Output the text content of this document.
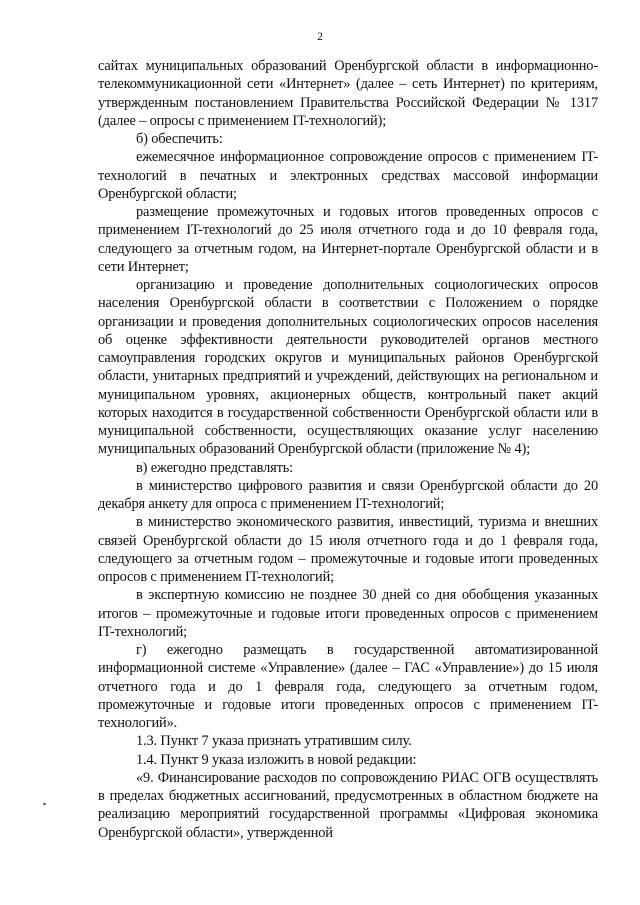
2

сайтах муниципальных образований Оренбургской области в информационно-телекоммуникационной сети «Интернет» (далее – сеть Интернет) по критериям, утвержденным постановлением Правительства Российской Федерации № 1317 (далее – опросы с применением IT-технологий);

б) обеспечить:

ежемесячное информационное сопровождение опросов с применением IT-технологий в печатных и электронных средствах массовой информации Оренбургской области;

размещение промежуточных и годовых итогов проведенных опросов с применением IT-технологий до 25 июля отчетного года и до 10 февраля года, следующего за отчетным годом, на Интернет-портале Оренбургской области и в сети Интернет;

организацию и проведение дополнительных социологических опросов населения Оренбургской области в соответствии с Положением о порядке организации и проведения дополнительных социологических опросов населения об оценке эффективности деятельности руководителей органов местного самоуправления городских округов и муниципальных районов Оренбургской области, унитарных предприятий и учреждений, действующих на региональном и муниципальном уровнях, акционерных обществ, контрольный пакет акций которых находится в государственной собственности Оренбургской области или в муниципальной собственности, осуществляющих оказание услуг населению муниципальных образований Оренбургской области (приложение № 4);

в) ежегодно представлять:

в министерство цифрового развития и связи Оренбургской области до 20 декабря анкету для опроса с применением IT-технологий;

в министерство экономического развития, инвестиций, туризма и внешних связей Оренбургской области до 15 июля отчетного года и до 1 февраля года, следующего за отчетным годом – промежуточные и годовые итоги проведенных опросов с применением IT-технологий;

в экспертную комиссию не позднее 30 дней со дня обобщения указанных итогов – промежуточные и годовые итоги проведенных опросов с применением IT-технологий;

г) ежегодно размещать в государственной автоматизированной информационной системе «Управление» (далее – ГАС «Управление») до 15 июля отчетного года и до 1 февраля года, следующего за отчетным годом, промежуточные и годовые итоги проведенных опросов с применением IT-технологий».

1.3. Пункт 7 указа признать утратившим силу.

1.4. Пункт 9 указа изложить в новой редакции:

«9. Финансирование расходов по сопровождению РИАС ОГВ осуществлять в пределах бюджетных ассигнований, предусмотренных в областном бюджете на реализацию мероприятий государственной программы «Цифровая экономика Оренбургской области», утвержденной
